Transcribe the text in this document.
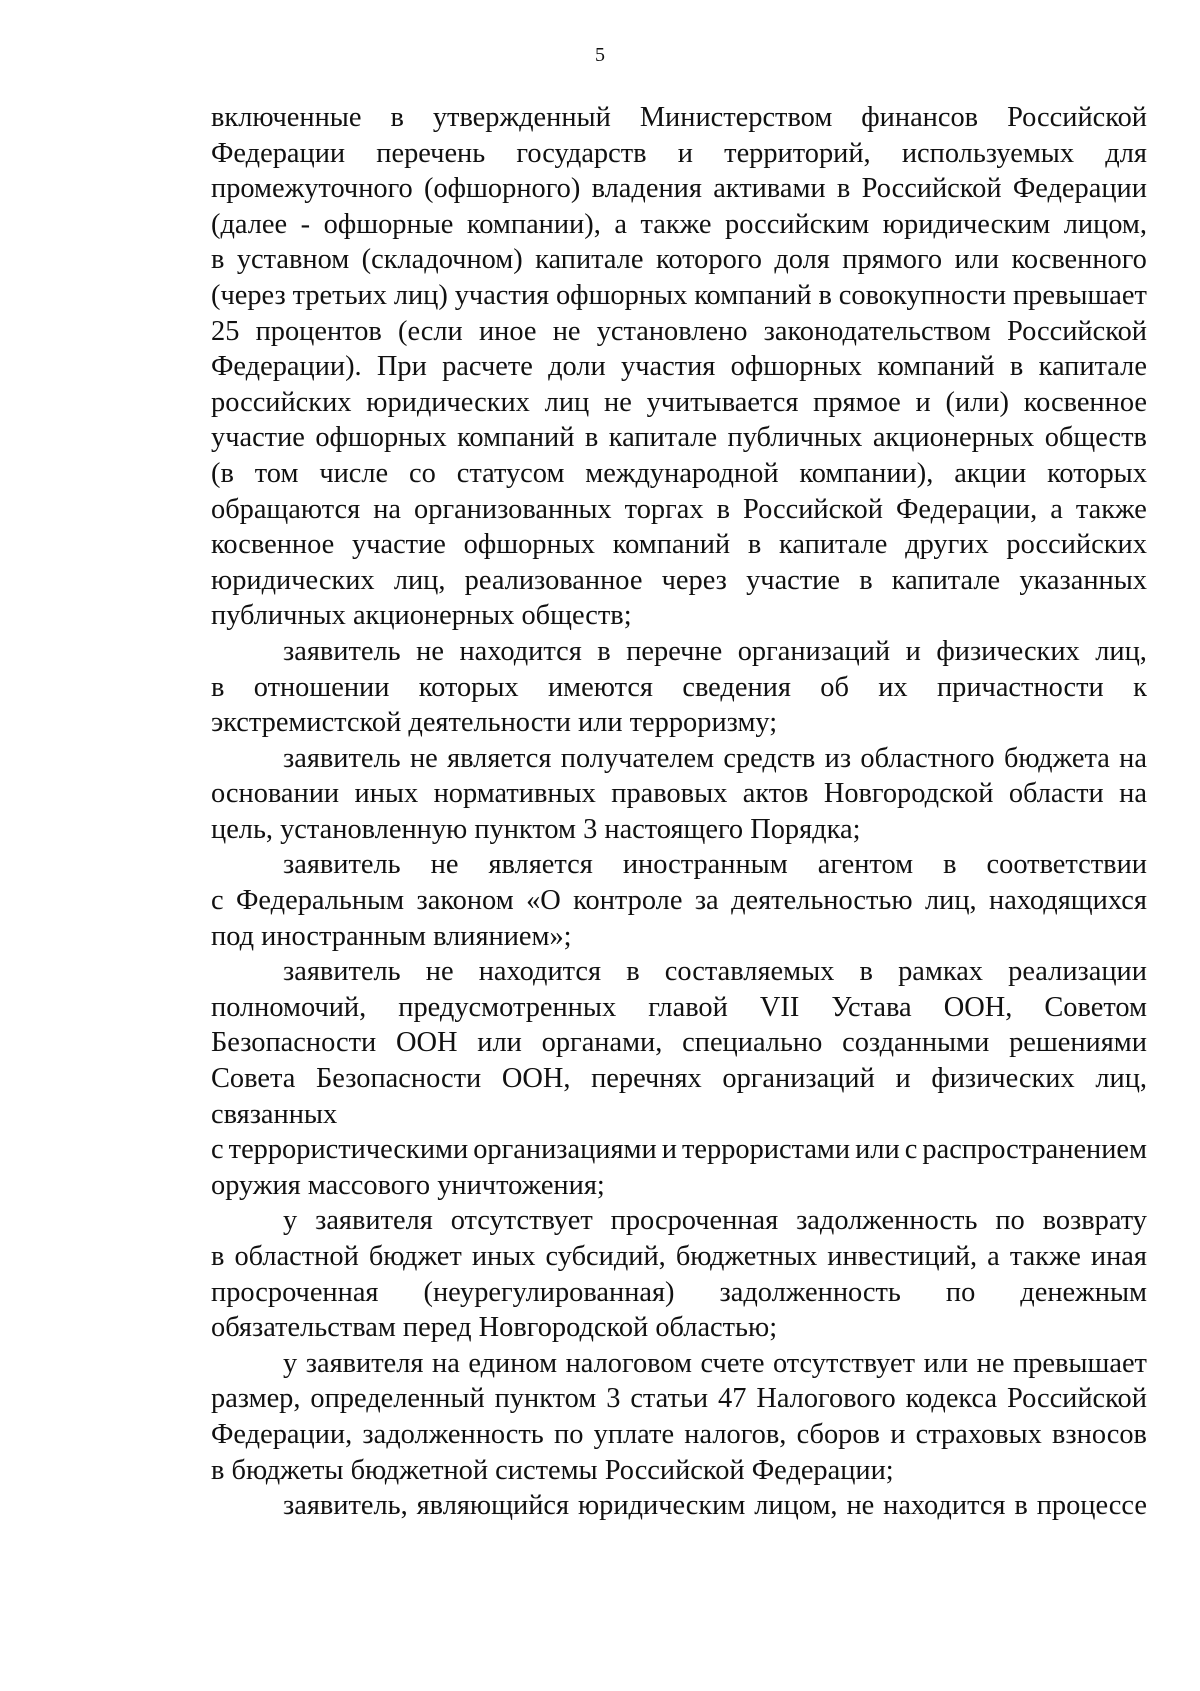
5
включенные в утвержденный Министерством финансов Российской
Федерации перечень государств и территорий, используемых для
промежуточного (офшорного) владения активами в Российской Федерации
(далее - офшорные компании), а также российским юридическим лицом,
в уставном (складочном) капитале которого доля прямого или косвенного
(через третьих лиц) участия офшорных компаний в совокупности превышает
25 процентов (если иное не установлено законодательством Российской
Федерации). При расчете доли участия офшорных компаний в капитале
российских юридических лиц не учитывается прямое и (или) косвенное
участие офшорных компаний в капитале публичных акционерных обществ
(в том числе со статусом международной компании), акции которых
обращаются на организованных торгах в Российской Федерации, а также
косвенное участие офшорных компаний в капитале других российских
юридических лиц, реализованное через участие в капитале указанных
публичных акционерных обществ;
заявитель не находится в перечне организаций и физических лиц,
в отношении которых имеются сведения об их причастности к
экстремистской деятельности или терроризму;
заявитель не является получателем средств из областного бюджета на
основании иных нормативных правовых актов Новгородской области на
цель, установленную пунктом 3 настоящего Порядка;
заявитель не является иностранным агентом в соответствии
с Федеральным законом «О контроле за деятельностью лиц, находящихся
под иностранным влиянием»;
заявитель не находится в составляемых в рамках реализации
полномочий, предусмотренных главой VII Устава ООН, Советом
Безопасности ООН или органами, специально созданными решениями
Совета Безопасности ООН, перечнях организаций и физических лиц,
связанных
с террористическими организациями и террористами или с распространением
оружия массового уничтожения;
у заявителя отсутствует просроченная задолженность по возврату
в областной бюджет иных субсидий, бюджетных инвестиций, а также иная
просроченная (неурегулированная) задолженность по денежным
обязательствам перед Новгородской областью;
у заявителя на едином налоговом счете отсутствует или не превышает
размер, определенный пунктом 3 статьи 47 Налогового кодекса Российской
Федерации, задолженность по уплате налогов, сборов и страховых взносов
в бюджеты бюджетной системы Российской Федерации;
заявитель, являющийся юридическим лицом, не находится в процессе
